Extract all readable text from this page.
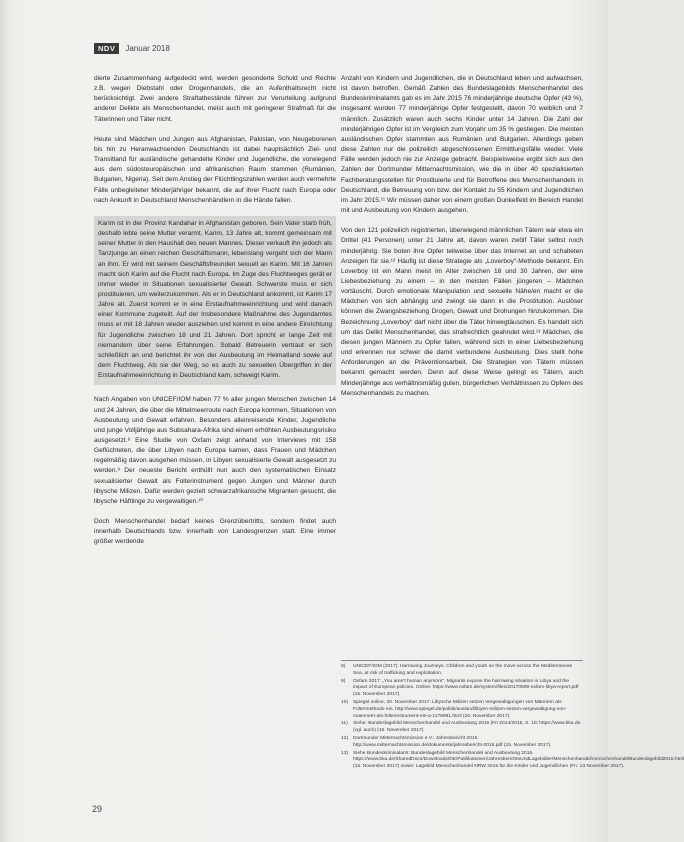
NDV	Januar 2018

dierte Zusammenhang aufgedeckt wird, werden gesonderte Schuld und Rechte z.B. wegen Diebstahl oder Drogenhandels, die an Aufenthaltsrecht nicht berücksichtigt. Zwei andere Straftatbestände führen zur Verurteilung aufgrund anderer Delikte als Menschenhandel, meist auch mit geringerer Strafmaß für die Täterinnen und Täter nicht.

Heute sind Mädchen und Jungen aus Afghanistan, Pakistan, von Neugeborenen bis hin zu Heranwachsenden Deutschlands ist dabei hauptsächlich Ziel- und Transitland für ausländische gehandelte Kinder und Jugendliche, die vorwiegend aus dem südosteuropäischen und afrikanischen Raum stammen (Rumänien, Bulgarien, Nigeria). Seit dem Anstieg der Flüchtlingszahlen werden auch vermehrte Fälle unbegleiteter Minderjähriger bekannt, die auf ihrer Flucht nach Europa oder nach Ankunft in Deutschland Menschenhändlern in die Hände fallen.

Karim ist in der Provinz Kandahar in Afghanistan geboren. Sein Vater starb früh, deshalb lebte seine Mutter verarmt. Karim, 13 Jahre alt, kommt gemeinsam mit seiner Mutter in den Haushalt des neuen Mannes. Dieser verkauft ihn jedoch als Tanzjunge an einen reichen Geschäftsmann, lebenslang vergeht sich der Mann an ihm. Er wird mit seinem Geschäftsfreunden sexuell an Karim. Mit 16 Jahren macht sich Karim auf die Flucht nach Europa. Im Zuge des Fluchtweges gerät er immer wieder in Situationen sexualisierter Gewalt. Schwerste muss er sich prostituieren, um weiterzukommen. Als er in Deutschland ankommt, ist Karim 17 Jahre alt. Zuerst kommt er in eine Erstaufnahmeeinrichtung und wird danach einer Kommune zugeteilt. Auf der Insbesondere Maßnahme des Jugendamtes muss er mit 18 Jahren wieder ausziehen und kommt in eine andere Einrichtung für Jugendliche zwischen 18 und 21 Jahren. Dort spricht er lange Zeit mit niemandem über seine Erfahrungen. Sobald Betreuerin vertraut er sich schließlich an und berichtet ihr von der Ausbeutung im Heimatland sowie auf dem Fluchtweg. Als sie der Weg, so es auch zu sexuellen Übergriffen in der Erstaufnahmeeinrichtung in Deutschland kam, schweigt Karim.

Nach Angaben von UNICEF/IOM haben 77 % aller jungen Menschen zwischen 14 und 24 Jahren, die über die Mittelmeerroute nach Europa kommen, Situationen von Ausbeutung und Gewalt erfahren. Besonders alleinreisende Kinder, Jugendliche und junge Volljährige aus Subsahara-Afrika sind einem erhöhten Ausbeutungsrisiko ausgesetzt.⁸ Eine Studie von Oxfam zeigt anhand von Interviews mit 158 Geflüchteten, die über Libyen nach Europa kamen, dass Frauen und Mädchen regelmäßig davon ausgehen müssen, in Libyen sexualisierte Gewalt ausgesetzt zu werden.⁹ Der neueste Bericht enthüllt nun auch den systematischen Einsatz sexualisierter Gewalt als Folterinstrument gegen Jungen und Männer durch libysche Milizen. Dafür werden gezielt schwarzafrikanische Migranten gesucht, die libysche Häftlinge zu vergewaltigen.¹⁰

Doch Menschenhandel bedarf keines Grenzübertritts, sondern findet auch innerhalb Deutschlands bzw. innerhalb von Landesgrenzen statt. Eine immer größer werdende

Anzahl von Kindern und Jugendlichen, die in Deutschland leben und aufwachsen, ist davon betroffen. Gemäß Zahlen des Bundeslagebilds Menschenhandel des Bundeskriminalamts gab es im Jahr 2015 76 minderjährige deutsche Opfer (43 %), insgesamt wurden 77 minderjährige Opfer festgestellt, davon 70 weiblich und 7 männlich. Zusätzlich waren auch sechs Kinder unter 14 Jahren. Die Zahl der minderjährigen Opfer ist im Vergleich zum Vorjahr um 35 % gestiegen. Die meisten ausländischen Opfer stammten aus Rumänien und Bulgarien. Allerdings geben diese Zahlen nur die polizeilich abgeschlossenen Ermittlungsfälle wieder. Viele Fälle werden jedoch nie zur Anzeige gebracht. Beispielsweise ergibt sich aus den Zahlen der Dortmunder Mitternachtsmission, wie die in über 40 spezialisierten Fachberatungsstellen für Prostituierte und für Betroffene des Menschenhandels in Deutschland, die Betreuung von bzw. der Kontakt zu 55 Kindern und Jugendlichen im Jahr 2015.¹¹ Wir müssen daher von einem großen Dunkelfeld im Bereich Handel mit und Ausbeutung von Kindern ausgehen.

Von den 121 polizeilich registrierten, überwiegend männlichen Tätern war etwa ein Drittel (41 Personen) unter 21 Jahre alt, davon waren zwölf Täter selbst noch minderjährig. Sie boten ihre Opfer teilweise über das Internet an und schalteten Anzeigen für sie.¹² Häufig ist diese Strategie als „Loverboy“-Methode bekannt. Ein Loverboy ist ein Mann meist im Alter zwischen 18 und 30 Jahren, der eine Liebesbeziehung zu einem – in den meisten Fällen jüngeren – Mädchen vortäuscht. Durch emotionale Manipulation und sexuelle Nähe/en macht er die Mädchen von sich abhängig und zwingt sie dann in die Prostitution. Auslöser können die Zwangsbeziehung Drogen, Gewalt und Drohungen hinzukommen. Die Bezeichnung „Loverboy“ darf nicht über die Täter hinwegtäuschen. Es handelt sich um das Delikt Menschenhandel, das strafrechtlich geahndet wird.¹³ Mädchen, die diesen jungen Männern zu Opfer fallen, während sich in einer Liebesbeziehung und erkennen nur schwer die damit verbundene Ausbeutung. Dies stellt hohe Anforderungen an die Präventionsarbeit. Die Strategien von Tätern müssen bekannt gemacht werden. Denn auf diese Weise gelingt es Tätern, auch Minderjährige aus verhältnismäßig guten, bürgerlichen Verhältnissen zu Opfern des Menschenhandels zu machen.

8)	UNICEF/IOM (2017): Harrowing Journeys. Children and youth on the move across the Mediterranean Sea, at risk of trafficking and exploitation.
9)	Oxfam 2017: „You aren't human anymore“. Migrants expose the harrowing situation in Libya and the impact of European policies. Online: https://www.oxfam.de/system/files/20170809-oxfam-libya-report.pdf (15. November 2017).
10) Spiegel online, 20. November 2017: Libysche Milizen setzen Vergewaltigungen von Männern als Foltermethode ein. http://www.spiegel.de/politik/ausland/libyen-milizen-setzen-vergewaltigung-von-maennern-als-folterinstrument-ein-a-1178981.html (20. November 2017).
11) Siehe: Bundeslagebild Menschenhandel und Ausbeutung 2015 (Fn 2014/2015, S. 10; https://www.bka.de (vgl. auch) (15. November 2017).
12) Dortmunder Mitternachtsmission e.V.: Jahresbericht 2015. http://www.mitternachtsmission.de/dokumente/jahresbericht-2015.pdf (15. November 2017).
13) Siehe Bundeskriminalamt: Bundeslagebild Menschenhandel und Ausbeutung 2015. https://www.bka.de/SharedDocs/Downloads/DE/Publikationen/JahresberichteUndLagebilder/Menschenhandel/menschenhandelBundeslagebild2015.html (15. November 2017) sowie: Lagebild Menschenhandel NRW 2015 für die Kinder und Jugendlichen (Fn. 13 November 2017).
29
